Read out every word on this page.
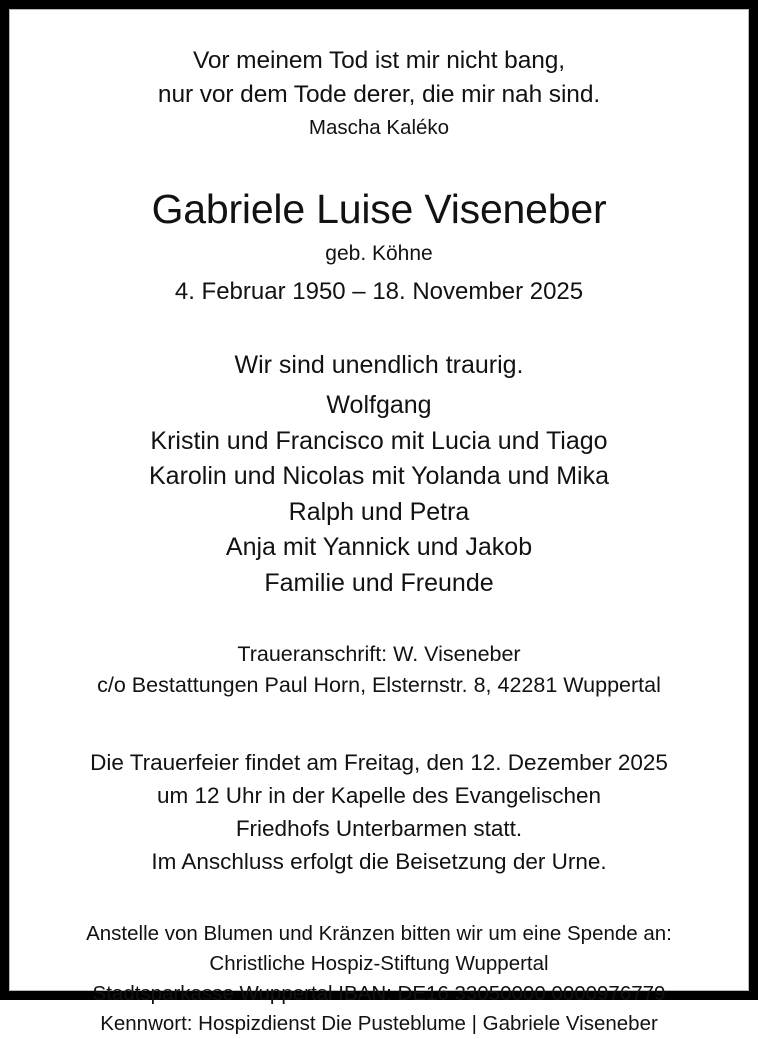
Vor meinem Tod ist mir nicht bang,
nur vor dem Tode derer, die mir nah sind.
Mascha Kaléko
Gabriele Luise Viseneber
geb. Köhne
4. Februar 1950 – 18. November 2025
Wir sind unendlich traurig.
Wolfgang
Kristin und Francisco mit Lucia und Tiago
Karolin und Nicolas mit Yolanda und Mika
Ralph und Petra
Anja mit Yannick und Jakob
Familie und Freunde
Traueranschrift: W. Viseneber
c/o Bestattungen Paul Horn, Elsternstr. 8, 42281 Wuppertal
Die Trauerfeier findet am Freitag, den 12. Dezember 2025
um 12 Uhr in der Kapelle des Evangelischen
Friedhofs Unterbarmen statt.
Im Anschluss erfolgt die Beisetzung der Urne.
Anstelle von Blumen und Kränzen bitten wir um eine Spende an:
Christliche Hospiz-Stiftung Wuppertal
Stadtsparkasse Wuppertal IBAN: DE16 33050000 0000976779
Kennwort: Hospizdienst Die Pusteblume | Gabriele Viseneber
